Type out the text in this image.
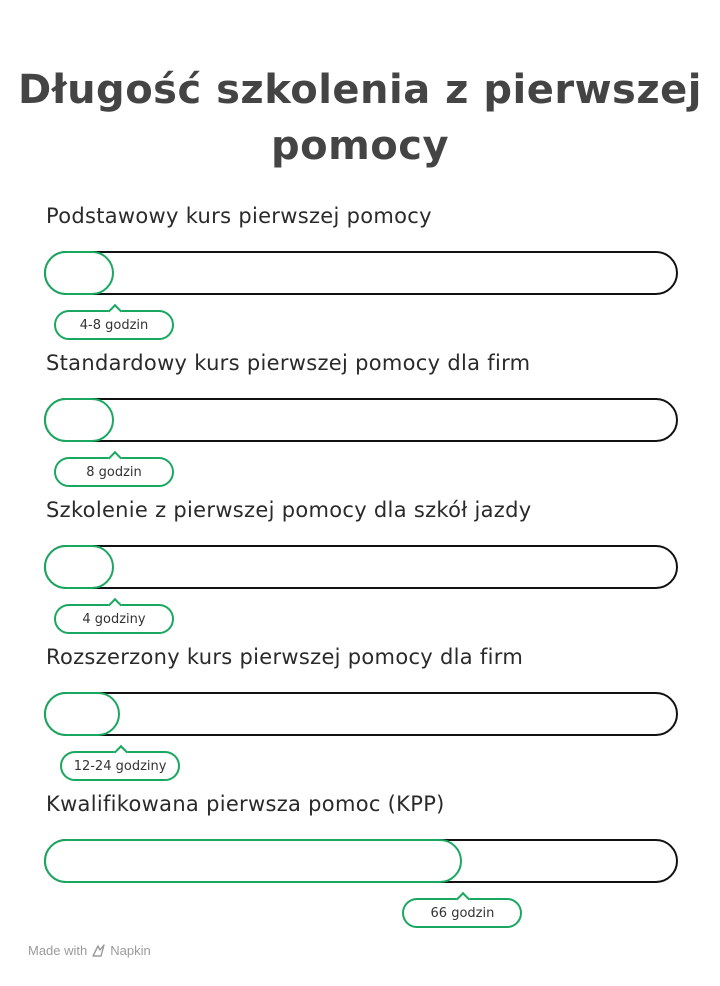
Długość szkolenia z pierwszej pomocy
Podstawowy kurs pierwszej pomocy
4-8 godzin
Standardowy kurs pierwszej pomocy dla firm
8 godzin
Szkolenie z pierwszej pomocy dla szkół jazdy
4 godziny
Rozszerzony kurs pierwszej pomocy dla firm
12-24 godziny
Kwalifikowana pierwsza pomoc (KPP)
66 godzin
Made with Napkin
